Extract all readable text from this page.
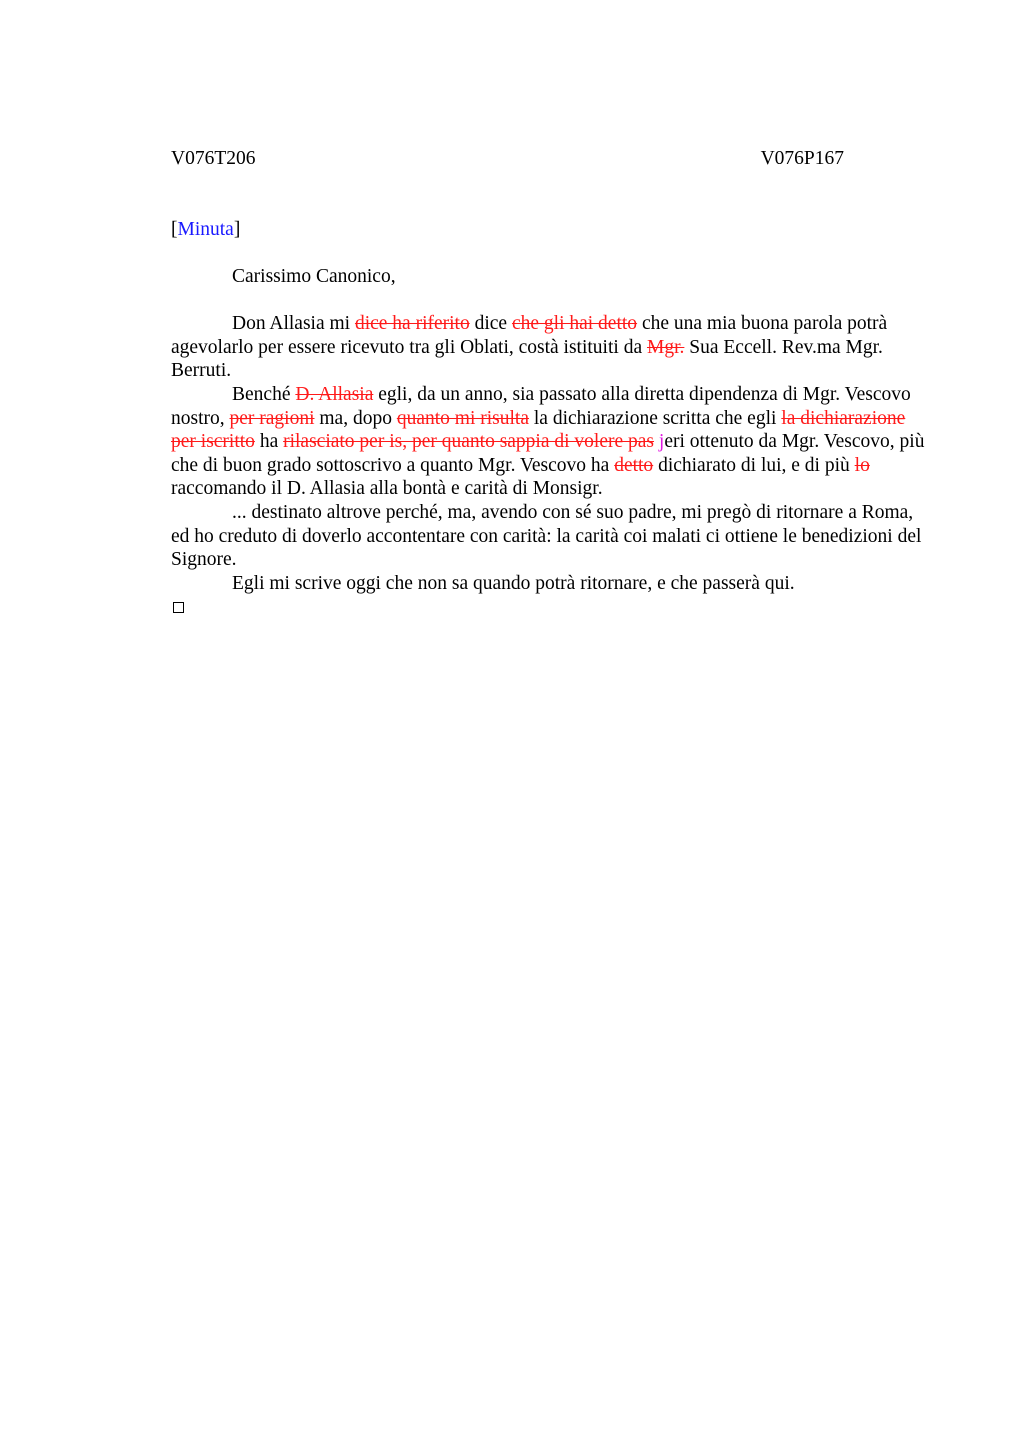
V076T206	V076P167
[Minuta]

Carissimo Canonico,

Don Allasia mi dice ha riferito dice che gli hai detto che una mia buona parola potrà agevolarlo per essere ricevuto tra gli Oblati, costà istituiti da Mgr. Sua Eccell. Rev.ma Mgr. Berruti.

Benché D. Allasia egli, da un anno, sia passato alla diretta dipendenza di Mgr. Vescovo nostro, per ragioni ma, dopo quanto mi risulta la dichiarazione scritta che egli la dichiarazione per iscritto ha rilasciato per is, per quanto sappia di volere pas jeri ottenuto da Mgr. Vescovo, più che di buon grado sottoscrivo a quanto Mgr. Vescovo ha detto dichiarato di lui, e di più lo raccomando il D. Allasia alla bontà e carità di Monsigr.

... destinato altrove perché, ma, avendo con sé suo padre, mi pregò di ritornare a Roma, ed ho creduto di doverlo accontentare con carità: la carità coi malati ci ottiene le benedizioni del Signore.

Egli mi scrive oggi che non sa quando potrà ritornare, e che passerà qui.
